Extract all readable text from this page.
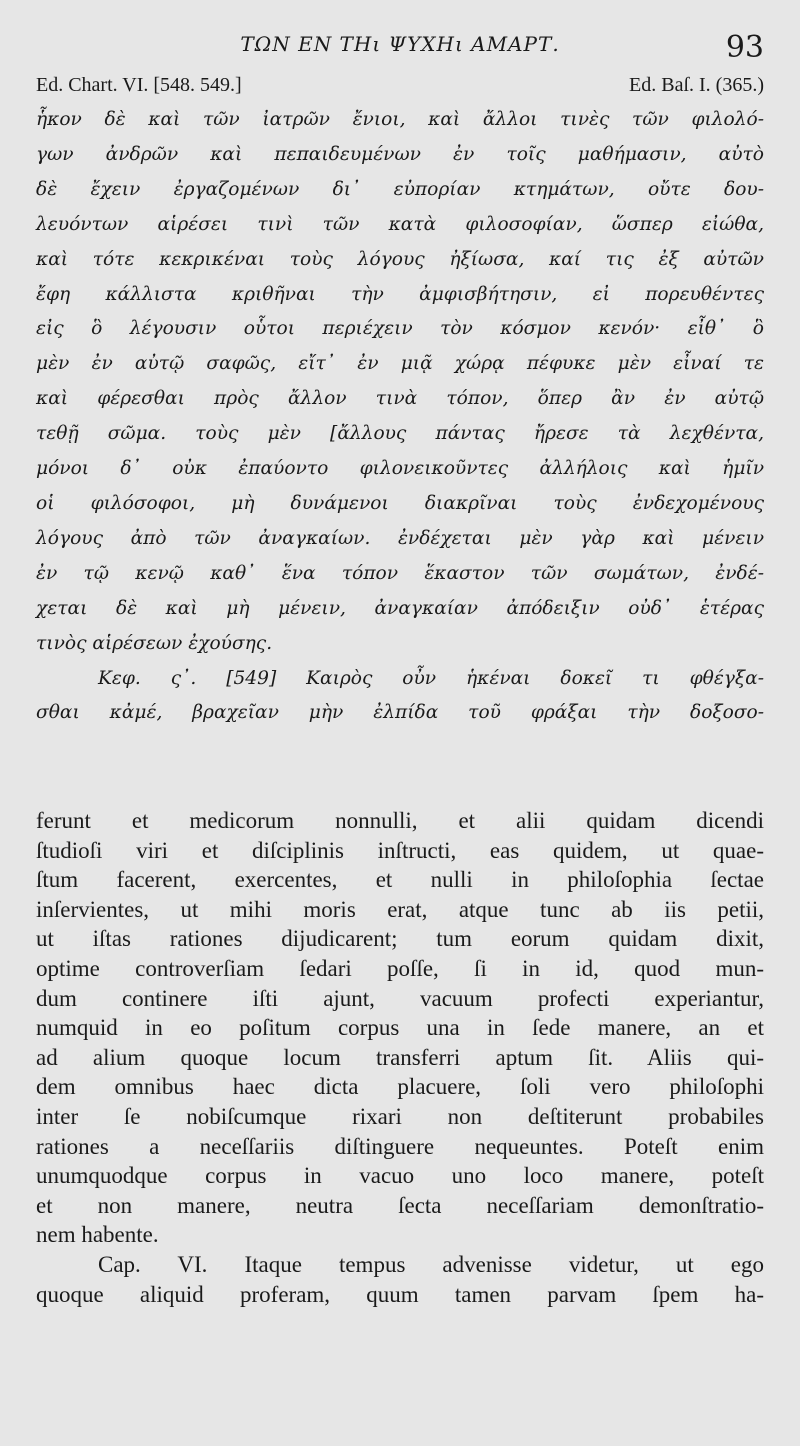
ΤΩΝ ΕΝ ΤΗι ΨΥΧΗι ΑΜΑΡΤ.	93
Ed. Chart. VI. [548. 549.]	Ed. Baſ. I. (365.)
ἧκον δὲ καὶ τῶν ἰατρῶν ἔνιοι, καὶ ἄλλοι τινὲς τῶν φιλολό-
γων ἀνδρῶν καὶ πεπαιδευμένων ἐν τοῖς μαθήμασιν, αὐτὸ
δὲ ἔχειν ἐργαζομένων δι᾽ εὐπορίαν κτημάτων, οὔτε δου-
λευόντων αἱρέσει τινὶ τῶν κατὰ φιλοσοφίαν, ὥσπερ εἰώθα,
καὶ τότε κεκρικέναι τοὺς λόγους ἠξίωσα, καί τις ἐξ αὐτῶν
ἔφη κάλλιστα κριθῆναι τὴν ἀμφισβήτησιν, εἰ πορευθέντες
εἰς ὃ λέγουσιν οὗτοι περιέχειν τὸν κόσμον κενόν· εἶθ᾽ ὃ
μὲν ἐν αὐτῷ σαφῶς, εἴτ᾽ ἐν μιᾷ χώρᾳ πέφυκε μὲν εἶναί τε
καὶ φέρεσθαι πρὸς ἄλλον τινὰ τόπον, ὅπερ ἂν ἐν αὐτῷ
τεθῇ σῶμα. τοὺς μὲν [ἄλλους πάντας ἤρεσε τὰ λεχθέντα,
μόνοι δ᾽ οὐκ ἐπαύοντο φιλονεικοῦντες ἀλλήλοις καὶ ἡμῖν
οἱ φιλόσοφοι, μὴ δυνάμενοι διακρῖναι τοὺς ἐνδεχομένους
λόγους ἀπὸ τῶν ἀναγκαίων. ἐνδέχεται μὲν γὰρ καὶ μένειν
ἐν τῷ κενῷ καθ᾽ ἕνα τόπον ἕκαστον τῶν σωμάτων, ἐνδέ-
χεται δὲ καὶ μὴ μένειν, ἀναγκαίαν ἀπόδειξιν οὐδ᾽ ἑτέρας
τινὸς αἱρέσεων ἐχούσης.
Κεφ. ς᾽. [549] Καιρὸς οὖν ἡκέναι δοκεῖ τι φθέγξα-
σθαι κἀμέ, βραχεῖαν μὴν ἐλπίδα τοῦ φράξαι τὴν δοξοσο-
ferunt et medicorum nonnulli, et alii quidam dicendi
ſtudioſi viri et diſciplinis inſtructi, eas quidem, ut quae-
ſtum facerent, exercentes, et nulli in philoſophia ſectae
inſervientes, ut mihi moris erat, atque tunc ab iis petii,
ut iſtas rationes dijudicarent; tum eorum quidam dixit,
optime controverſiam ſedari poſſe, ſi in id, quod mun-
dum continere iſti ajunt, vacuum profecti experiantur,
numquid in eo poſitum corpus una in ſede manere, an et
ad alium quoque locum transferri aptum ſit. Aliis qui-
dem omnibus haec dicta placuere, ſoli vero philoſophi
inter ſe nobiſcumque rixari non deſtiterunt probabiles
rationes a neceſſariis diſtinguere nequeuntes. Poteſt enim
unumquodque corpus in vacuo uno loco manere, poteſt
et non manere, neutra ſecta neceſſariam demonſtratio-
nem habente.
Cap. VI. Itaque tempus advenisse videtur, ut ego
quoque aliquid proferam, quum tamen parvam ſpem ha-
